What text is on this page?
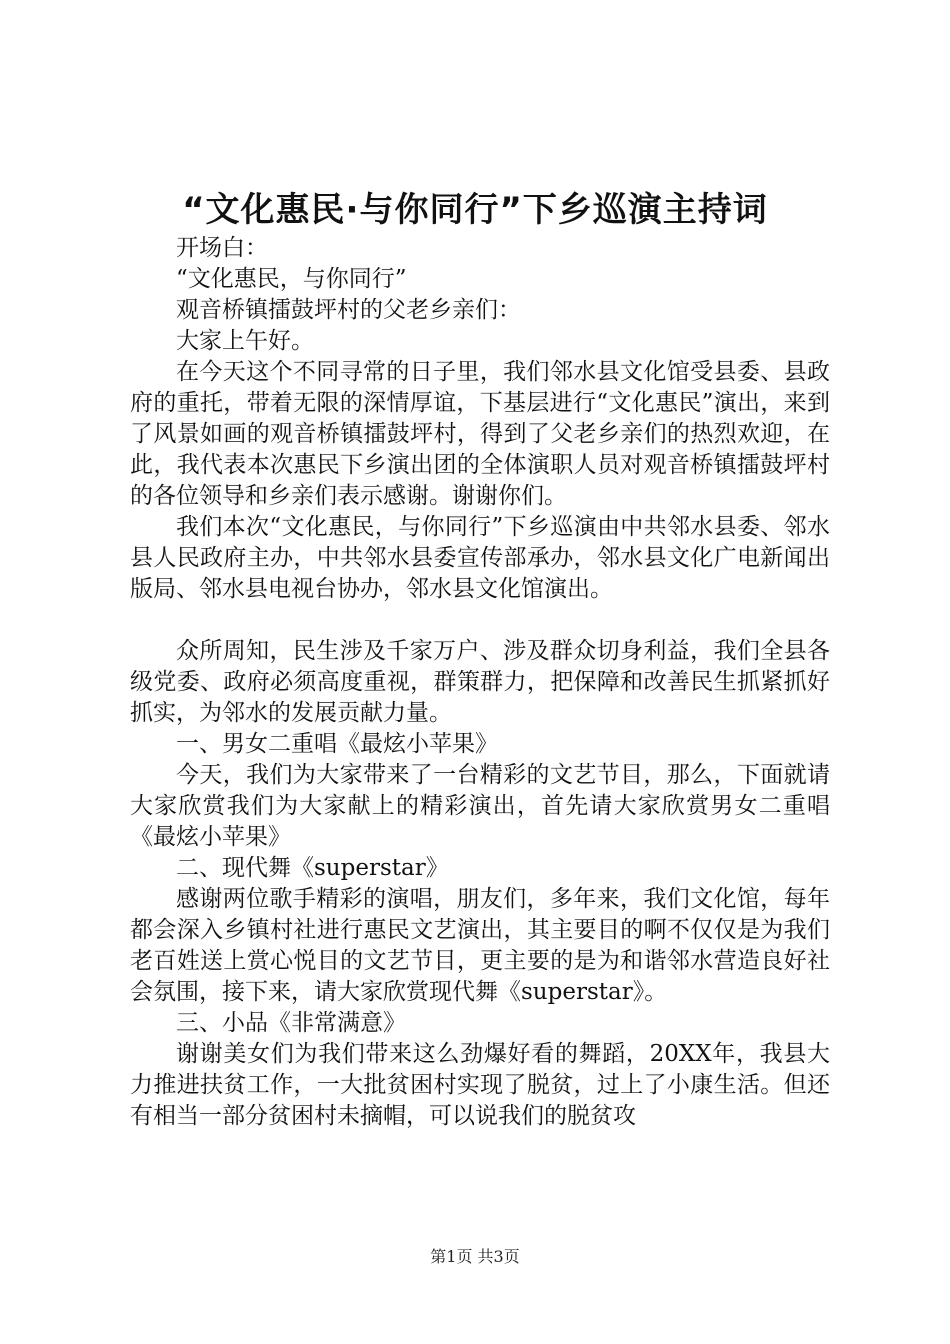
“文化惠民·与你同行”下乡巡演主持词

开场白：

“文化惠民，与你同行”

观音桥镇擂鼓坪村的父老乡亲们：

大家上午好。

在今天这个不同寻常的日子里，我们邻水县文化馆受县委、县政府的重托，带着无限的深情厚谊，下基层进行“文化惠民”演出，来到了风景如画的观音桥镇擂鼓坪村，得到了父老乡亲们的热烈欢迎，在此，我代表本次惠民下乡演出团的全体演职人员对观音桥镇擂鼓坪村的各位领导和乡亲们表示感谢。谢谢你们。

我们本次“文化惠民，与你同行”下乡巡演由中共邻水县委、邻水县人民政府主办，中共邻水县委宣传部承办，邻水县文化广电新闻出版局、邻水县电视台协办，邻水县文化馆演出。

众所周知，民生涉及千家万户、涉及群众切身利益，我们全县各级党委、政府必须高度重视，群策群力，把保障和改善民生抓紧抓好抓实，为邻水的发展贡献力量。

一、男女二重唱《最炫小苹果》

今天，我们为大家带来了一台精彩的文艺节目，那么，下面就请大家欣赏我们为大家献上的精彩演出，首先请大家欣赏男女二重唱《最炫小苹果》

二、现代舞《superstar》

感谢两位歌手精彩的演唱，朋友们，多年来，我们文化馆，每年都会深入乡镇村社进行惠民文艺演出，其主要目的啊不仅仅是为我们老百姓送上赏心悦目的文艺节目，更主要的是为和谐邻水营造良好社会氛围，接下来，请大家欣赏现代舞《superstar》。

三、小品《非常满意》

谢谢美女们为我们带来这么劲爆好看的舞蹈，20XX年，我县大力推进扶贫工作，一大批贫困村实现了脱贫，过上了小康生活。但还有相当一部分贫困村未摘帽，可以说我们的脱贫攻

第1页 共3页
